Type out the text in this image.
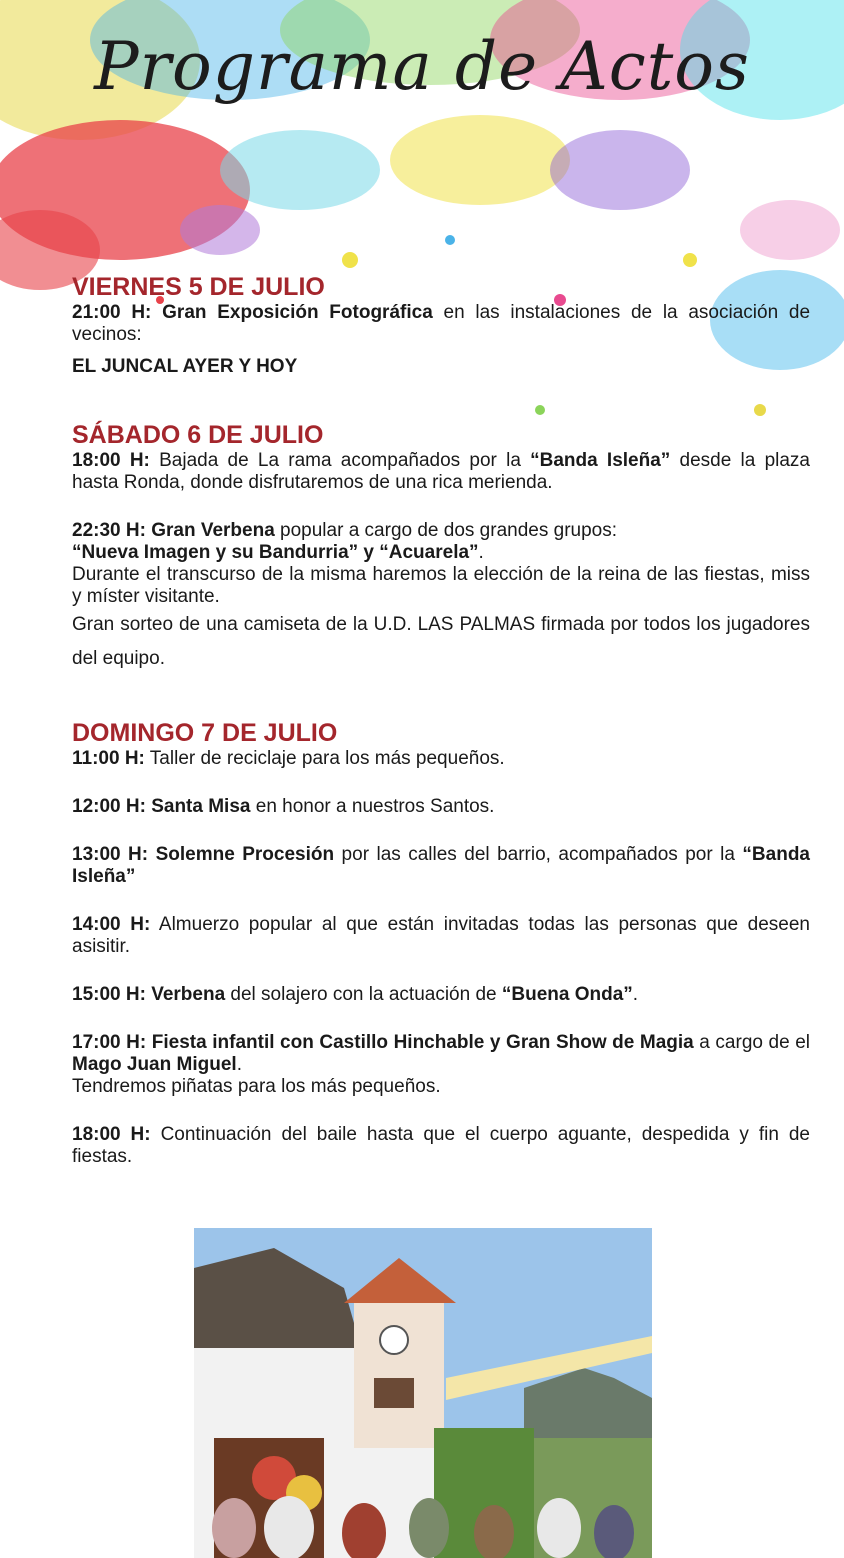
Programa de Actos

VIERNES 5 DE JULIO

21:00 H: Gran Exposición Fotográfica en las instalaciones de la asociación de vecinos:

EL JUNCAL AYER Y HOY

SÁBADO 6 DE JULIO

18:00 H: Bajada de La rama acompañados por la “Banda Isleña” desde la plaza hasta Ronda, donde disfrutaremos de una rica merienda.

22:30 H: Gran Verbena popular a cargo de dos grandes grupos:
“Nueva Imagen y su Bandurria” y “Acuarela”.
Durante el transcurso de la misma haremos la elección de la reina de las fiestas, miss y míster visitante.
Gran sorteo de una camiseta de la U.D. LAS PALMAS firmada por todos los jugadores del equipo.

DOMINGO 7 DE JULIO

11:00 H: Taller de reciclaje para los más pequeños.

12:00 H: Santa Misa en honor a nuestros Santos.

13:00 H: Solemne Procesión por las calles del barrio, acompañados por la “Banda Isleña”

14:00 H: Almuerzo popular al que están invitadas todas las personas que deseen asisitir.

15:00 H: Verbena del solajero con la actuación de “Buena Onda”.

17:00 H: Fiesta infantil con Castillo Hinchable y Gran Show de Magia a cargo de el Mago Juan Miguel.
Tendremos piñatas para los más pequeños.

18:00 H: Continuación del baile hasta que el cuerpo aguante, despedida y fin de fiestas.
